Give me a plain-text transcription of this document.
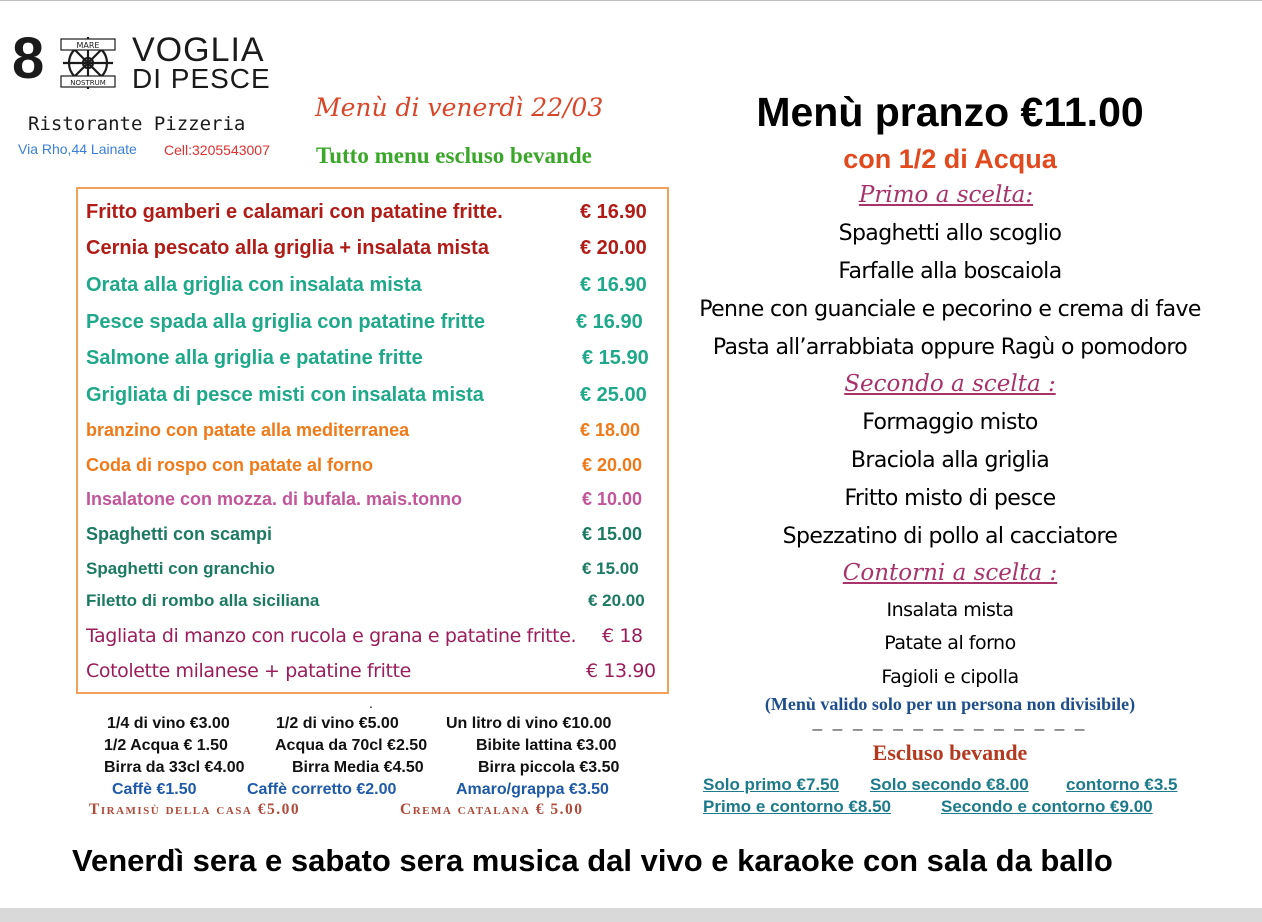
8	MARE
NOSTRUM
VOGLIA
DI PESCE
Ristorante Pizzeria
Via Rho,44 Lainate Cell:3205543007
Menù di venerdì 22/03
Tutto menu escluso bevande
Fritto gamberi e calamari con patatine fritte.	€ 16.90
Cernia pescato alla griglia + insalata mista	€ 20.00
Orata alla griglia con insalata mista	€ 16.90
Pesce spada alla griglia con patatine fritte	€ 16.90
Salmone alla griglia e patatine fritte	€ 15.90
Grigliata di pesce misti con insalata mista	€ 25.00
branzino con patate alla mediterranea	€ 18.00
Coda di rospo con patate al forno	€ 20.00
Insalatone con mozza. di bufala. mais.tonno	€ 10.00
Spaghetti con scampi	€ 15.00
Spaghetti con granchio	€ 15.00
Filetto di rombo alla siciliana	€ 20.00
Tagliata di manzo con rucola e grana e patatine fritte. € 18
Cotolette milanese + patatine fritte	€ 13.90
.
1/4 di vino €3.00	1/2 di vino €5.00	Un litro di vino €10.00
1/2 Acqua € 1.50	Acqua da 70cl €2.50	Bibite lattina €3.00
Birra da 33cl €4.00	Birra Media €4.50	Birra piccola €3.50
Caffè €1.50	Caffè corretto €2.00	Amaro/grappa €3.50
Tiramisù della casa €5.00	Crema catalana € 5.00
Menù pranzo €11.00
con 1/2 di Acqua
Primo a scelta:
Spaghetti allo scoglio
Farfalle alla boscaiola
Penne con guanciale e pecorino e crema di fave
Pasta all’arrabbiata oppure Ragù o pomodoro
Secondo a scelta :
Formaggio misto
Braciola alla griglia
Fritto misto di pesce
Spezzatino di pollo al cacciatore
Contorni a scelta :
Insalata mista
Patate al forno
Fagioli e cipolla
(Menù valido solo per un persona non divisibile)
_ _ _ _ _ _ _ _ _ _ _ _ _ _
Escluso bevande
Solo primo €7.50 Solo secondo €8.00 contorno €3.5
Primo e contorno €8.50	Secondo e contorno €9.00
Venerdì sera e sabato sera musica dal vivo e karaoke con sala da ballo
